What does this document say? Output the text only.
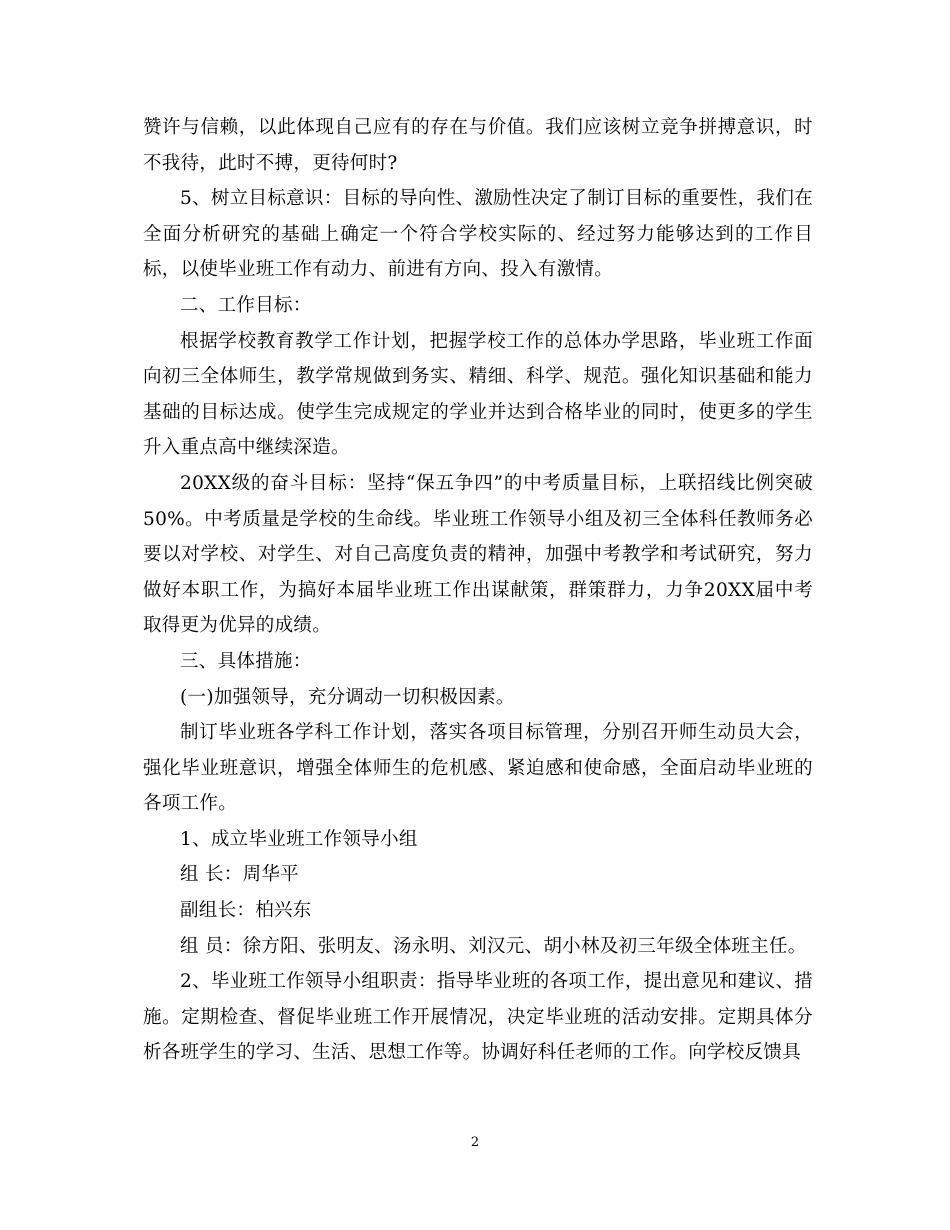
赞许与信赖，以此体现自己应有的存在与价值。我们应该树立竞争拼搏意识，时不我待，此时不搏，更待何时?

5、树立目标意识：目标的导向性、激励性决定了制订目标的重要性，我们在全面分析研究的基础上确定一个符合学校实际的、经过努力能够达到的工作目标，以使毕业班工作有动力、前进有方向、投入有激情。

二、工作目标：

根据学校教育教学工作计划，把握学校工作的总体办学思路，毕业班工作面向初三全体师生，教学常规做到务实、精细、科学、规范。强化知识基础和能力基础的目标达成。使学生完成规定的学业并达到合格毕业的同时，使更多的学生升入重点高中继续深造。

20XX级的奋斗目标：坚持“保五争四”的中考质量目标，上联招线比例突破50%。中考质量是学校的生命线。毕业班工作领导小组及初三全体科任教师务必要以对学校、对学生、对自己高度负责的精神，加强中考教学和考试研究，努力做好本职工作，为搞好本届毕业班工作出谋献策，群策群力，力争20XX届中考取得更为优异的成绩。

三、具体措施：

(一)加强领导，充分调动一切积极因素。

制订毕业班各学科工作计划，落实各项目标管理，分别召开师生动员大会，强化毕业班意识，增强全体师生的危机感、紧迫感和使命感，全面启动毕业班的各项工作。

1、成立毕业班工作领导小组

组 长：周华平

副组长：柏兴东

组 员：徐方阳、张明友、汤永明、刘汉元、胡小林及初三年级全体班主任。

2、毕业班工作领导小组职责：指导毕业班的各项工作，提出意见和建议、措施。定期检查、督促毕业班工作开展情况，决定毕业班的活动安排。定期具体分析各班学生的学习、生活、思想工作等。协调好科任老师的工作。向学校反馈具

2
